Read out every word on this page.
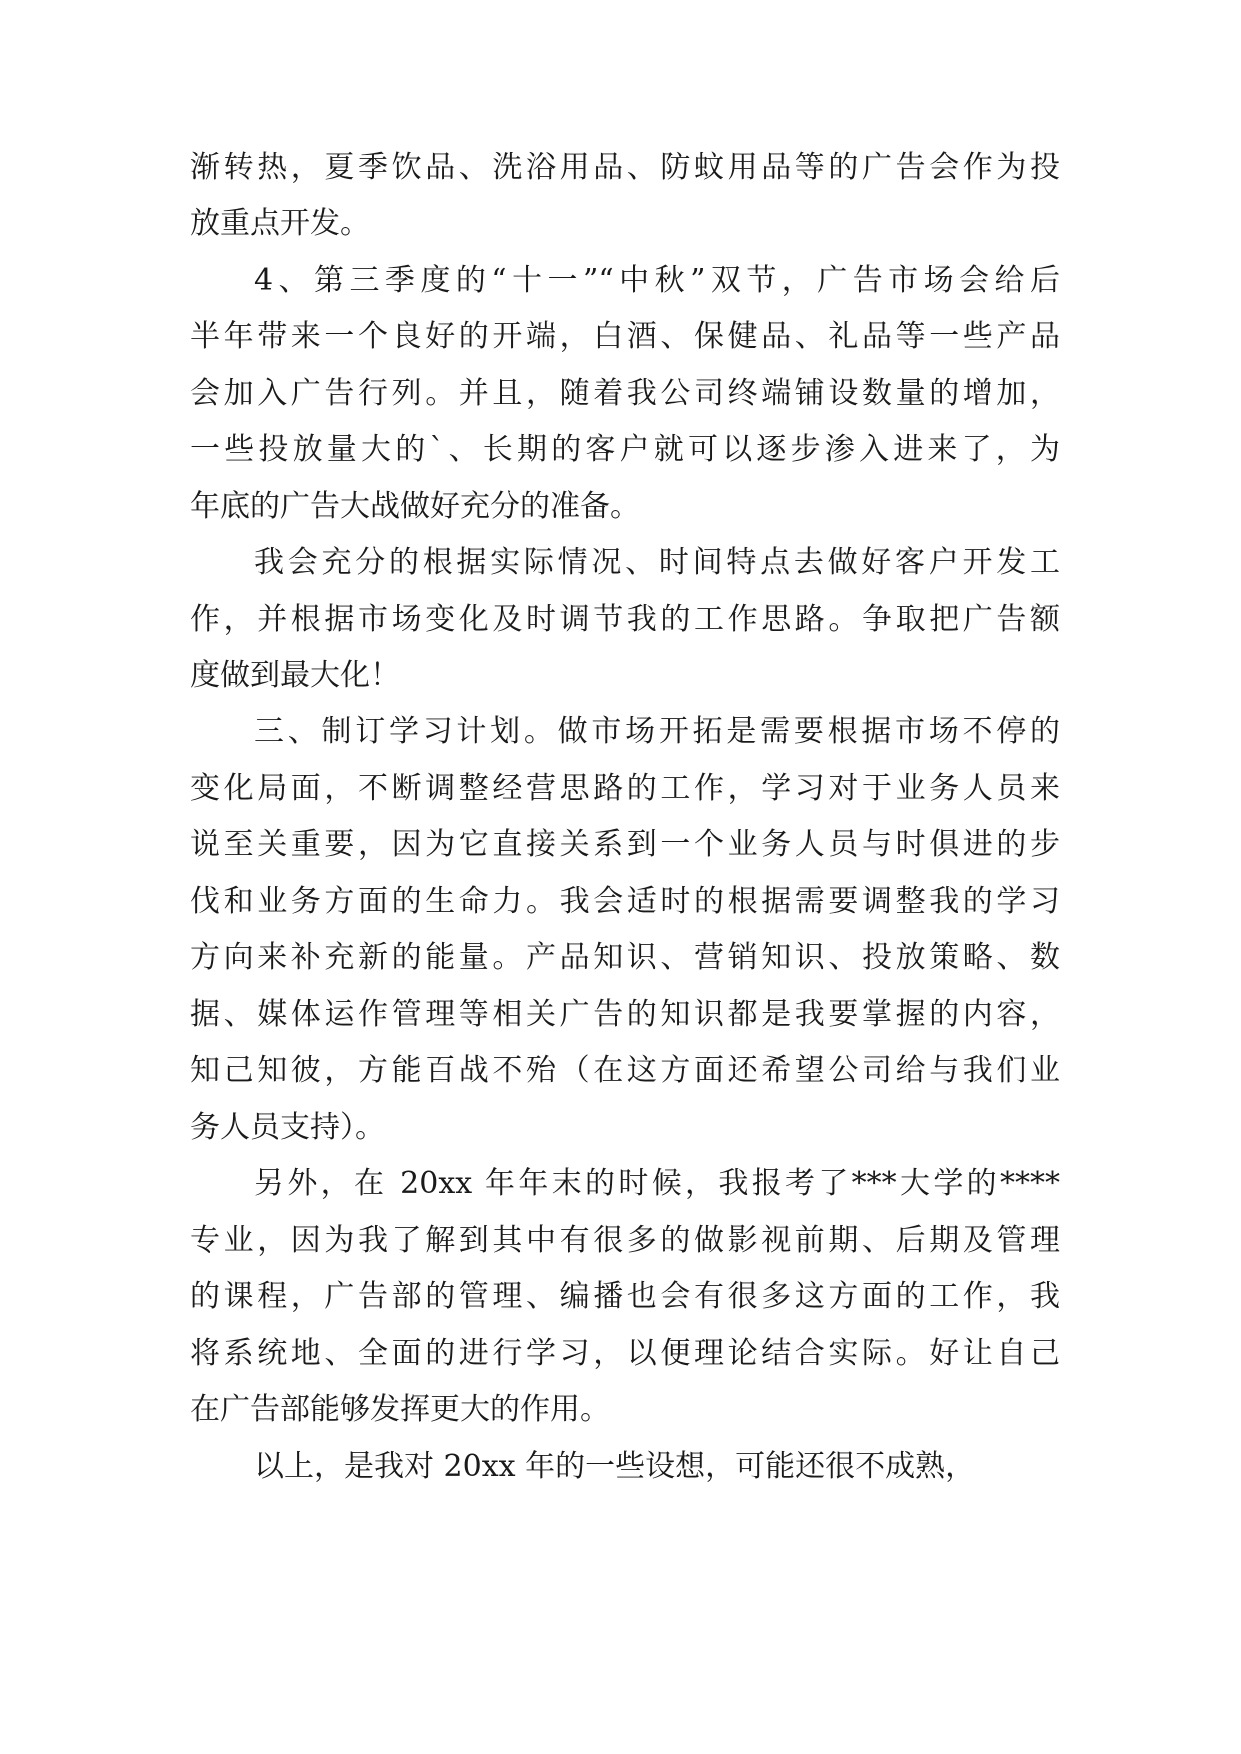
渐转热，夏季饮品、洗浴用品、防蚊用品等的广告会作为投
放重点开发。
4、第三季度的“十一”“中秋”双节，广告市场会给后
半年带来一个良好的开端，白酒、保健品、礼品等一些产品
会加入广告行列。并且，随着我公司终端铺设数量的增加，
一些投放量大的`、长期的客户就可以逐步渗入进来了，为
年底的广告大战做好充分的准备。
我会充分的根据实际情况、时间特点去做好客户开发工
作，并根据市场变化及时调节我的工作思路。争取把广告额
度做到最大化！
三、制订学习计划。做市场开拓是需要根据市场不停的
变化局面，不断调整经营思路的工作，学习对于业务人员来
说至关重要，因为它直接关系到一个业务人员与时俱进的步
伐和业务方面的生命力。我会适时的根据需要调整我的学习
方向来补充新的能量。产品知识、营销知识、投放策略、数
据、媒体运作管理等相关广告的知识都是我要掌握的内容，
知己知彼，方能百战不殆（在这方面还希望公司给与我们业
务人员支持）。
另外，在 20xx 年年末的时候，我报考了***大学的****
专业，因为我了解到其中有很多的做影视前期、后期及管理
的课程，广告部的管理、编播也会有很多这方面的工作，我
将系统地、全面的进行学习，以便理论结合实际。好让自己
在广告部能够发挥更大的作用。
以上，是我对 20xx 年的一些设想，可能还很不成熟，
